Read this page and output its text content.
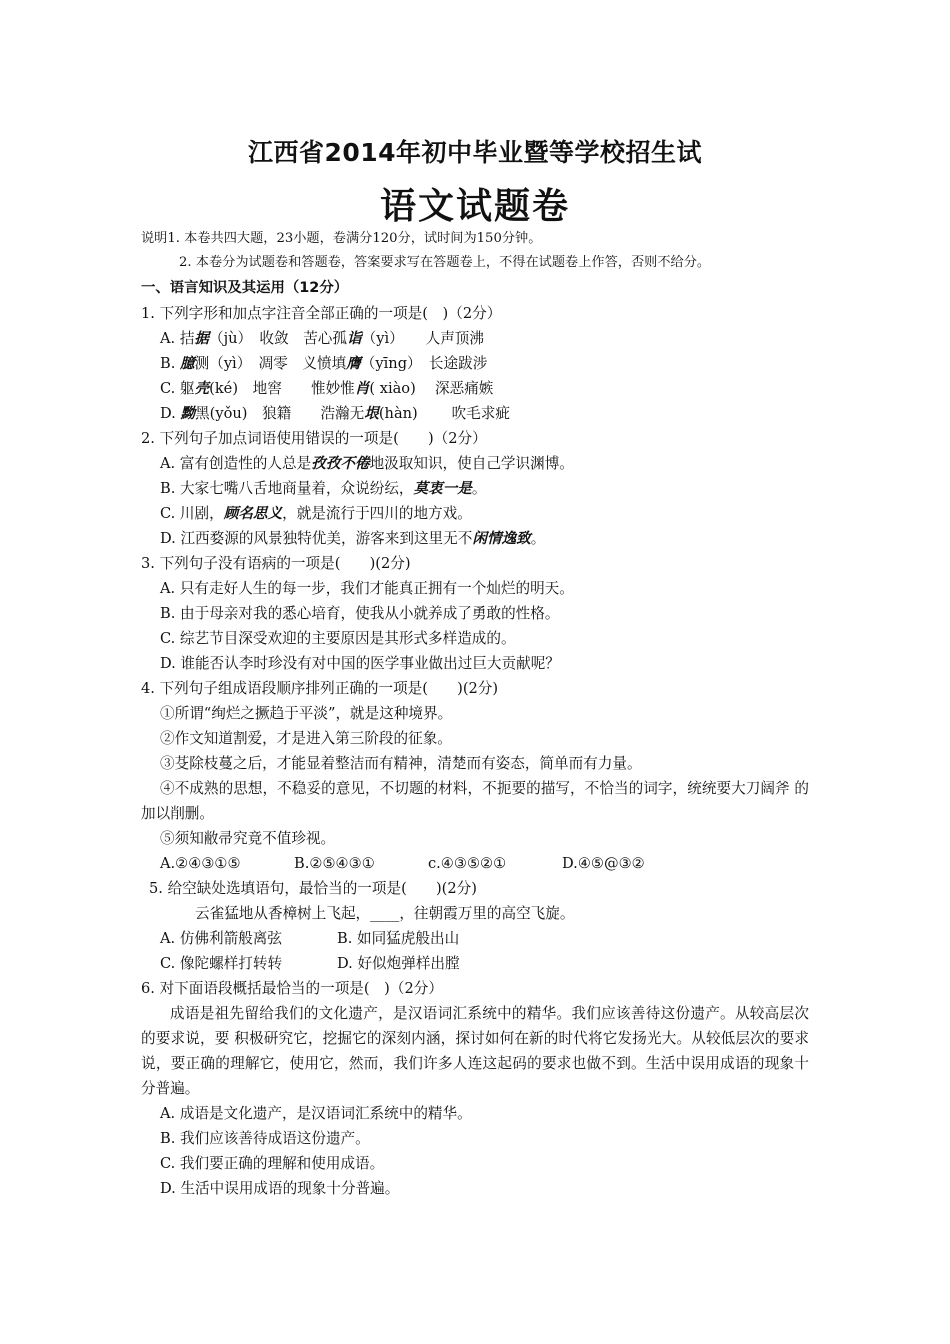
江西省2014年初中毕业暨等学校招生试
语文试题卷
说明1. 本卷共四大题，23小题，卷满分120分，试时间为150分钟。
2. 本卷分为试题卷和答题卷，答案要求写在答题卷上，不得在试题卷上作答，否则不给分。
一、语言知识及其运用（12分）
1. 下列字形和加点字注音全部正确的一项是(　)（2分）
A. 拮据（jù）　收敛　苦心孤诣（yì）　　人声顶沸
B. 臆测（yì）　凋零　义愤填膺（yīng）　长途跋涉
C. 躯壳(ké)　地窖　　惟妙惟肖( xiào)　 深恶痛嫉
D. 黝黑(yǒu)　狼籍　　浩瀚无垠(hàn)　　 吹毛求疵
2. 下列句子加点词语使用错误的一项是(　　)（2分）
A. 富有创造性的人总是孜孜不倦地汲取知识，使自己学识渊博。
B. 大家七嘴八舌地商量着，众说纷纭，莫衷一是。
C. 川剧，顾名思义，就是流行于四川的地方戏。
D. 江西婺源的风景独特优美，游客来到这里无不闲情逸致。
3. 下列句子没有语病的一项是(　　)(2分)
A. 只有走好人生的每一步，我们才能真正拥有一个灿烂的明天。
B. 由于母亲对我的悉心培育，使我从小就养成了勇敢的性格。
C. 综艺节目深受欢迎的主要原因是其形式多样造成的。
D. 谁能否认李时珍没有对中国的医学事业做出过巨大贡献呢？
4. 下列句子组成语段顺序排列正确的一项是(　　)(2分)
①所谓“绚烂之撅趋于平淡”，就是这种境界。
②作文知道割爱，才是进入第三阶段的征象。
③芟除枝蔓之后，才能显着整洁而有精神，清楚而有姿态，简单而有力量。
④不成熟的思想，不稳妥的意见，不切题的材料，不扼要的描写，不恰当的词字，统统要大刀阔斧 的加以削删。
⑤须知敝帚究竟不值珍视。
A.②④③①⑤	B.②⑤④③①	c.④③⑤②①	D.④⑤@③②
5. 给空缺处选填语句，最恰当的一项是(　　)(2分)
云雀猛地从香樟树上飞起，____，往朝霞万里的高空飞旋。
A. 仿佛利箭般离弦	B. 如同猛虎般出山
C. 像陀螺样打转转	D. 好似炮弹样出膛
6. 对下面语段概括最恰当的一项是(　)（2分）
成语是祖先留给我们的文化遗产，是汉语词汇系统中的精华。我们应该善待这份遗产。从较高层次的要求说，要 积极研究它，挖掘它的深刻内涵，探讨如何在新的时代将它发扬光大。从较低层次的要求说，要正确的理解它，使用它，然而，我们许多人连这起码的要求也做不到。生活中误用成语的现象十分普遍。
A. 成语是文化遗产，是汉语词汇系统中的精华。
B. 我们应该善待成语这份遗产。
C. 我们要正确的理解和使用成语。
D. 生活中误用成语的现象十分普遍。
